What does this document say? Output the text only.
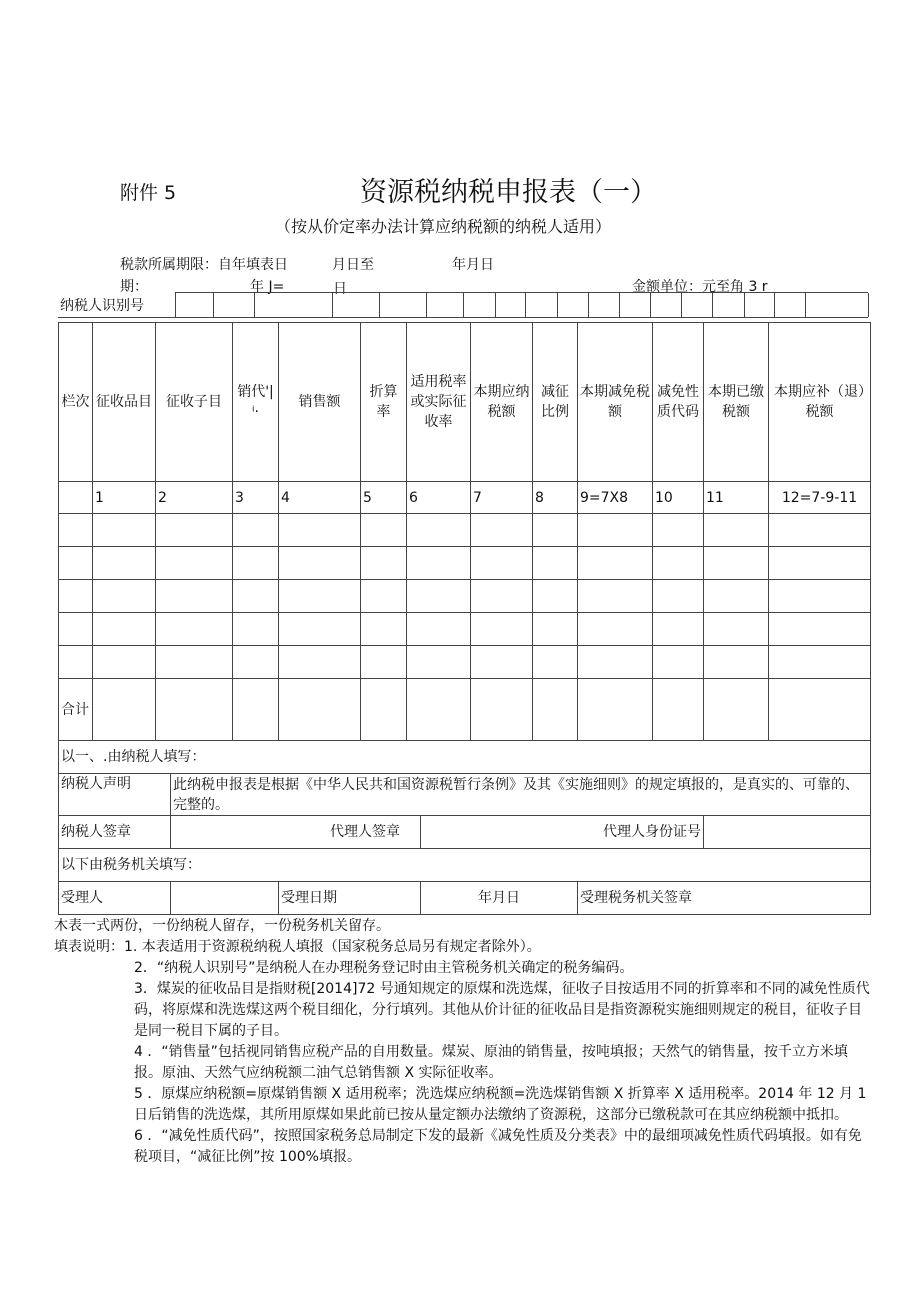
附件 5	资源税纳税申报表（一）
（按从价定率办法计算应纳税额的纳税人适用）
税款所属期限：自年填表日
期：
月日至
年 J=
年月日
日	金额单位：元至角 3 r
纳税人识别号
栏次	征收品目	征收子目	销代'|ⁱ·	销售额	折算率	适用税率或实际征收率	本期应纳税额	减征比例	本期减免税额	减免性质代码	本期已缴税额	本期应补（退）税额
	1	2	3	4	5	6	7	8	9=7X8	10	11	12=7-9-11

合计												
以一、.由纳税人填写：					
纳税人声明	此纳税申报表是根据《中华人民共和国资源税暂行条例》及其《实施细则》的规定填报的，是真实的、可靠的、完整的。				
纳税人签章	代理人签章		代理人身份证号		
以下由税务机关填写：					
受理人		受理日期	年月日	受理税务机关签章	

木表一式两份，一份纳税人留存，一份税务机关留存。

填表说明：1. 本表适用于资源税纳税人填报（国家税务总局另有规定者除外）。

2．“纳税人识别号”是纳税人在办理税务登记时由主管税务机关确定的税务编码。

3．煤炭的征收品目是指财税[2014]72 号通知规定的原煤和洗选煤，征收子目按适用不同的折算率和不同的减免性质代码，将原煤和洗选煤这两个税目细化，分行填列。其他从价计征的征收品目是指资源税实施细则规定的税目，征收子目是同一税目下属的子目。

4 ．“销售量”包括视同销售应税产品的自用数量。煤炭、原油的销售量，按吨填报；天然气的销售量，按千立方米填报。原油、天然气应纳税额二油气总销售额 X 实际征收率。

5 ．原煤应纳税额=原煤销售额 X 适用税率；洗选煤应纳税额=洗选煤销售额 X 折算率 X 适用税率。2014 年 12 月 1 日后销售的洗选煤，其所用原煤如果此前已按从量定额办法缴纳了资源税，这部分已缴税款可在其应纳税额中抵扣。

6 ．“减免性质代码”，按照国家税务总局制定下发的最新《减免性质及分类表》中的最细项减免性质代码填报。如有免税项目，“减征比例”按 100%填报。
